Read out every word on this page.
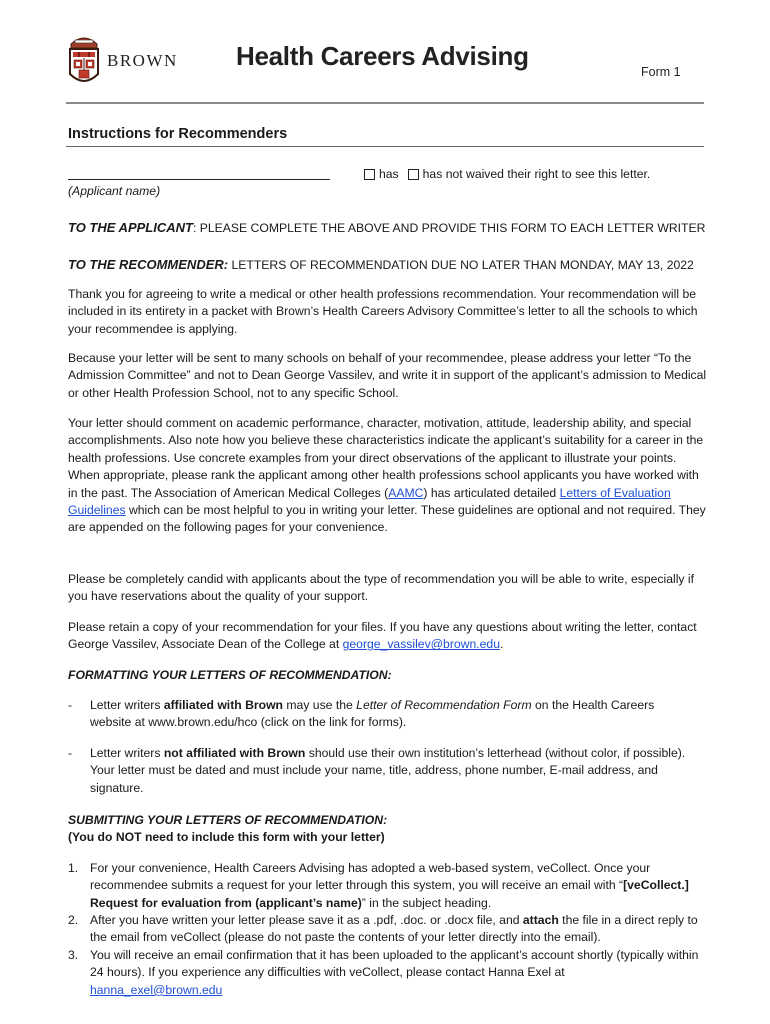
BROWN Health Careers Advising
Form 1
Instructions for Recommenders
(Applicant name)
has has not waived their right to see this letter.
TO THE APPLICANT: PLEASE COMPLETE THE ABOVE AND PROVIDE THIS FORM TO EACH LETTER WRITER
TO THE RECOMMENDER: LETTERS OF RECOMMENDATION DUE NO LATER THAN MONDAY, MAY 13, 2022
Thank you for agreeing to write a medical or other health professions recommendation. Your recommendation will be included in its entirety in a packet with Brown’s Health Careers Advisory Committee’s letter to all the schools to which your recommendee is applying.
Because your letter will be sent to many schools on behalf of your recommendee, please address your letter “To the Admission Committee” and not to Dean George Vassilev, and write it in support of the applicant’s admission to Medical or other Health Profession School, not to any specific School.
Your letter should comment on academic performance, character, motivation, attitude, leadership ability, and special accomplishments. Also note how you believe these characteristics indicate the applicant’s suitability for a career in the health professions. Use concrete examples from your direct observations of the applicant to illustrate your points. When appropriate, please rank the applicant among other health professions school applicants you have worked with in the past. The Association of American Medical Colleges (AAMC) has articulated detailed Letters of Evaluation Guidelines which can be most helpful to you in writing your letter. These guidelines are optional and not required. They are appended on the following pages for your convenience.
Please be completely candid with applicants about the type of recommendation you will be able to write, especially if you have reservations about the quality of your support.
Please retain a copy of your recommendation for your files. If you have any questions about writing the letter, contact George Vassilev, Associate Dean of the College at george_vassilev@brown.edu.
FORMATTING YOUR LETTERS OF RECOMMENDATION:
- Letter writers affiliated with Brown may use the Letter of Recommendation Form on the Health Careers website at www.brown.edu/hco (click on the link for forms).
- Letter writers not affiliated with Brown should use their own institution’s letterhead (without color, if possible). Your letter must be dated and must include your name, title, address, phone number, E-mail address, and signature.
SUBMITTING YOUR LETTERS OF RECOMMENDATION:
(You do NOT need to include this form with your letter)
1. For your convenience, Health Careers Advising has adopted a web-based system, veCollect. Once your recommendee submits a request for your letter through this system, you will receive an email with “[veCollect.] Request for evaluation from (applicant’s name)” in the subject heading.
2. After you have written your letter please save it as a .pdf, .doc. or .docx file, and attach the file in a direct reply to the email from veCollect (please do not paste the contents of your letter directly into the email).
3. You will receive an email confirmation that it has been uploaded to the applicant’s account shortly (typically within 24 hours). If you experience any difficulties with veCollect, please contact Hanna Exel at hanna_exel@brown.edu
